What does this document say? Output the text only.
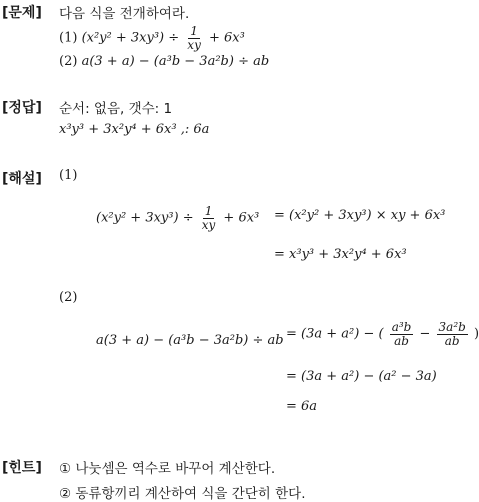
[문제] 다음 식을 전개하여라.
(1) $(x^2y^2 + 3xy^3) \div \frac{1}{xy} + 6x^3$
(2) a(3 + a) − (a³b − 3a²b) ÷ ab
[정답] 순서: 없음, 갯수: 1
x³y³ + 3x²y⁴ + 6x³ ,: 6a
[해설] (1)
$(x^2y^2 + 3xy^3) \div \frac{1}{xy} + 6x^3 = (x^2y^2 + 3xy^3)$ × xy + 6x³
= x³y³ + 3x²y⁴ + 6x³
(2)
a(3 + a) − (a³b − 3a²b) ÷ ab = (3a + a²) − ( $\frac{\text{a³b}}{ab} - \frac{\text{3a²b}}{ab}$ )
= (3a + a²) − (a² − 3a)
= 6a
[힌트] ① 나눗셈은 역수로 바꾸어 계산한다.
② 동류항끼리 계산하여 식을 간단히 한다.
